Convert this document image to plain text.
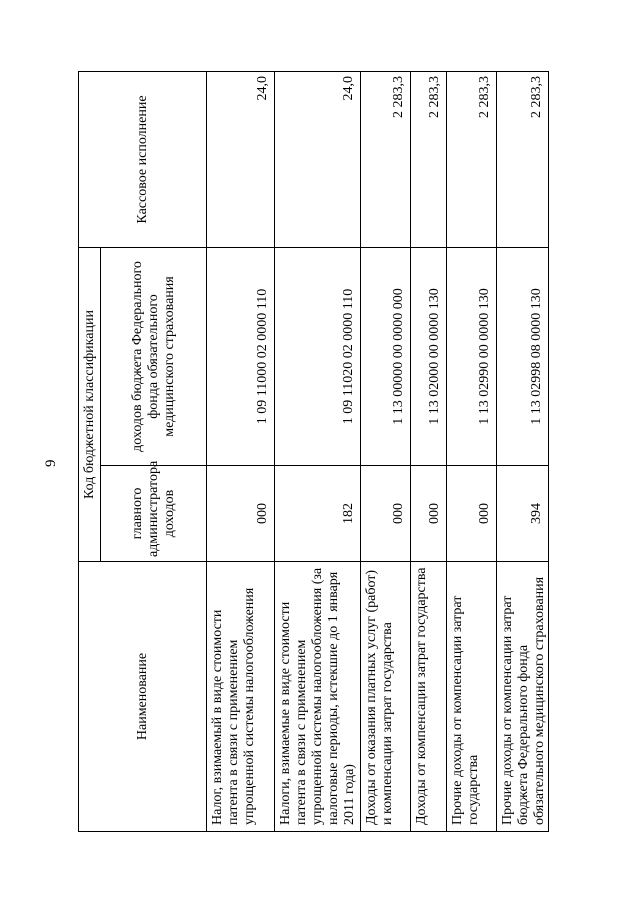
9
Наименование	Код бюджетной классификации		Кассовое исполнение
	главного администратора доходов	доходов бюджета Федерального фонда обязательного медицинского страхования	
Налог, взимаемый в виде стоимости патента в связи с применением упрощенной системы налогообложения	000	1 09 11000 02 0000 110	24,0
Налоги, взимаемые в виде стоимости патента в связи с применением упрощенной системы налогообложения (за налоговые периоды, истекшие до 1 января 2011 года)	182	1 09 11020 02 0000 110	24,0
Доходы от оказания платных услуг (работ) и компенсации затрат государства	000	1 13 00000 00 0000 000	2 283,3
Доходы от компенсации затрат государства	000	1 13 02000 00 0000 130	2 283,3
Прочие доходы от компенсации затрат государства	000	1 13 02990 00 0000 130	2 283,3
Прочие доходы от компенсации затрат бюджета Федерального фонда обязательного медицинского страхования	394	1 13 02998 08 0000 130	2 283,3
